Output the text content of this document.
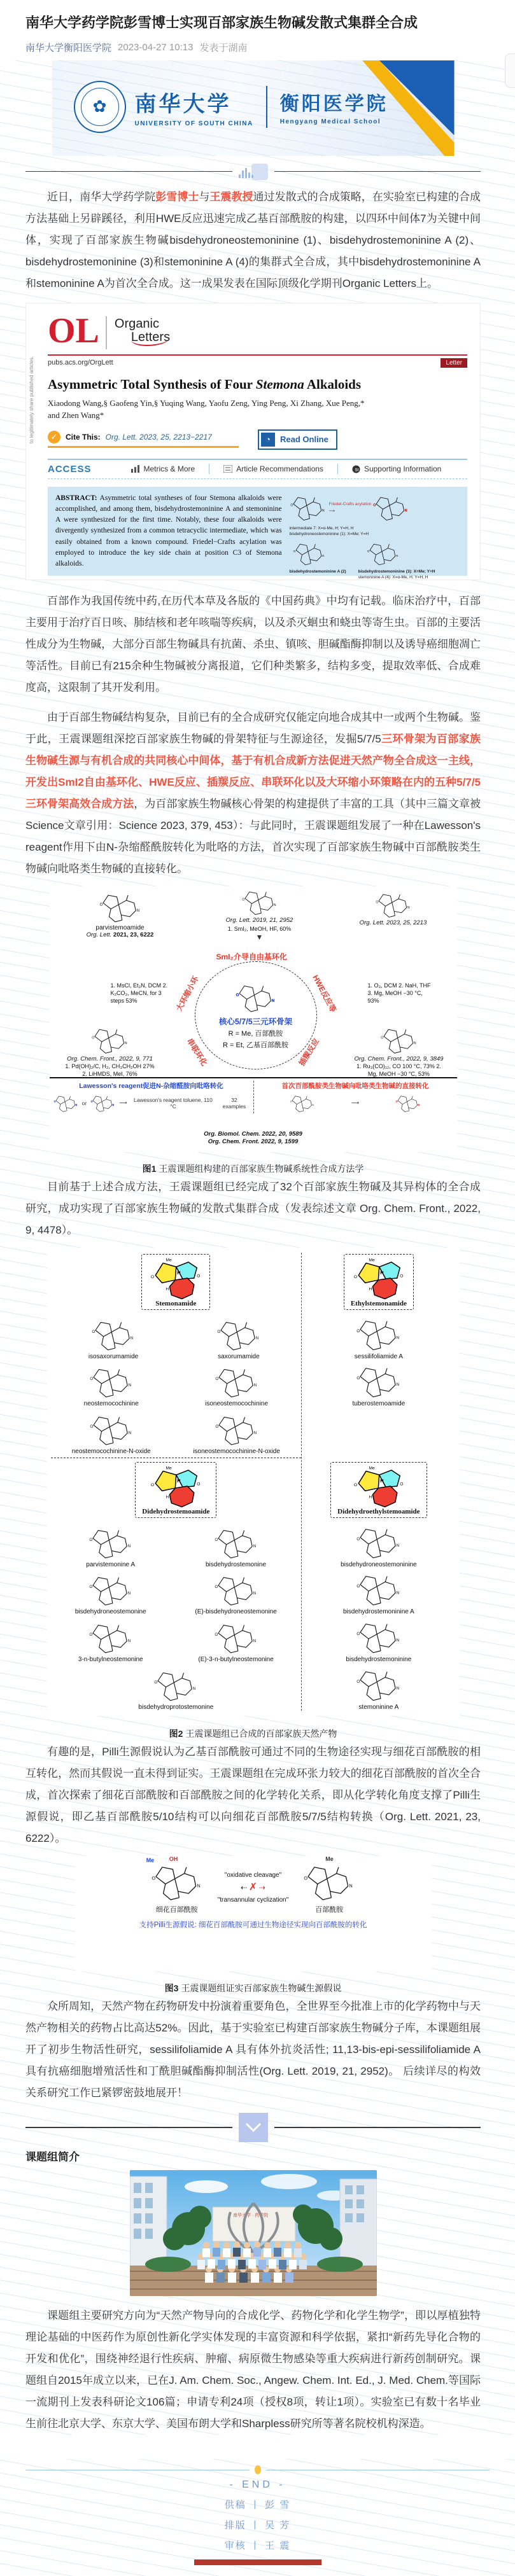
南华大学药学院彭雪博士实现百部家族生物碱发散式集群全合成
南华大学衡阳医学院 2023-04-27 10:13 发表于湖南
✿	南华大学
UNIVERSITY OF SOUTH CHINA
衡阳医学院
Hengyang Medical School

近日，南华大学药学院彭雪博士与王震教授通过发散式的合成策略，在实验室已构建的合成方法基础上另辟蹊径，利用HWE反应迅速完成乙基百部酰胺的构建，以四环中间体7为关键中间体，实现了百部家族生物碱bisdehydroneostemoninine (1)、bisdehydrostemoninine A (2)、bisdehydrostemoninine (3)和stemoninine A (4)的集群式全合成，其中bisdehydrostemoninine A 和stemoninine A为首次全合成。这一成果发表在国际顶级化学期刊Organic Letters上。

to legitimately share published articles.
OL Organic
Letters
pubs.acs.org/OrgLett	Letter
Asymmetric Total Synthesis of Four Stemona Alkaloids
Xiaodong Wang,§ Gaofeng Yin,§ Yuqing Wang, Yaofu Zeng, Ying Peng, Xi Zhang, Xue Peng,* and Zhen Wang*
✓	Cite This: Org. Lett. 2023, 25, 2213−2217	◔	Read Online
ACCESS	Metrics & More	Article Recommendations	sı Supporting Information
ABSTRACT: Asymmetric total syntheses of four Stemona alkaloids were accomplished, and among them, bisdehydrostemoninine A and stemoninine A were synthesized for the first time. Notably, these four alkaloids were divergently synthesized from a common tetracyclic intermediate, which was easily obtained from a known compound. Friedel−Crafts acylation was employed to introduce the key side chain at position C3 of Stemona alkaloids.
Friedel-Crafts acylation
⟶
intermediate 7: X=α-Me, H; Y=H, H
bisdehydroneostemoninine (1): X=Me; Y=H
bisdehydrostemoninine A (2)	bisdehydrostemoninine (3): X=Me; Y=H
stemoninine A (4): X=α-Me, H; Y=H, H

百部作为我国传统中药,在历代本草及各版的《中国药典》中均有记载。临床治疗中，百部主要用于治疗百日咳、肺结核和老年咳喘等疾病，以及杀灭蛔虫和蛲虫等寄生虫。百部的主要活性成分为生物碱，大部分百部生物碱具有抗菌、杀虫、镇咳、胆碱酯酶抑制以及诱导癌细胞凋亡等活性。目前已有215余种生物碱被分离报道，它们种类繁多，结构多变，提取效率低、合成难度高，这限制了其开发利用。

由于百部生物碱结构复杂，目前已有的全合成研究仅能定向地合成其中一或两个生物碱。鉴于此，王震课题组深挖百部家族生物碱的骨架特征与生源途径，发掘5/7/5三环骨架为百部家族生物碱生源与有机合成的共同核心中间体，基于有机合成新方法促进天然产物全合成这一主线，开发出SmI2自由基环化、HWE反应、插羰反应、串联环化以及大环缩小环策略在内的五种5/7/5三环骨架高效合成方法，为百部家族生物碱核心骨架的构建提供了丰富的工具（其中三篇文章被Science文章引用：Science 2023, 379, 453）：与此同时，王震课题组发展了一种在Lawesson's reagent作用下由N-杂缩醛酰胺转化为吡咯的方法，首次实现了百部家族生物碱中百部酰胺类生物碱向吡咯类生物碱的直接转化。

parvistemoamide
Org. Lett. 2021, 23, 6222
Org. Lett. 2019, 21, 2952
1. SmI₂, MeOH, HF, 60%
▼
Org. Lett. 2023, 25, 2213
1. MsCl, Et₃N, DCM 2. K₂CO₃, MeCN, for 3 steps 53%
1. O₃, DCM 2. NaH, THF 3. Mg, MeOH −30 °C, 93%
核心5/7/5三元环骨架
R = Me, 百部酰胺
R = Et, 乙基百部酰胺
SmI₂介导自由基环化
大环缩小环	HWE反应等
串联环化	插羰反应
Org. Chem. Front., 2022, 9, 771
1. Pd(OH)₂/C, H₂, CH₃CH₂OH 27% 2. LiHMDS, MeI, 76%
Org. Chem. Front., 2022, 9, 3849
1. Ru₃(CO)₁₂, CO 100 °C, 73% 2. Mg, MeOH −30 °C, 53%
Lawesson's reagent促进N-杂缩醛胺向吡咯转化
or	⟶	Lawesson's reagent toluene, 110 °C
32 examples
首次百部酰胺类生物碱向吡咯类生物碱的直接转化
⟶
Org. Biomol. Chem. 2022, 20, 9589
Org. Chem. Front. 2022, 9, 1599
图1 王震课题组构建的百部家族生物碱系统性合成方法学

目前基于上述合成方法，王震课题组已经完成了32个百部家族生物碱及其异构体的全合成研究，成功实现了百部家族生物碱的发散式集群合成（发表综述文章 Org. Chem. Front., 2022, 9, 4478）。

Stemonamide
isosaxorumamide	saxorumamide
neostemocochinine	isoneostemocochinine
neostemocochinine-N-oxide	isoneostemocochinine-N-oxide
Didehydrostemoamide
parvistemonine A	bisdehydrostemonine
bisdehydroneostemonine	(E)-bisdehydroneostemonine
3-n-butylneostemonine	(E)-3-n-butylneostemonine
bisdehydroprotostemonine
Ethylstemonamide
sessilifoliamide A
tuberostemoamide
Didehydroethylstemoamide
bisdehydroneostemoninine
bisdehydrostemoninine A
bisdehydrostemoninine
stemoninine A
图2 王震课题组已合成的百部家族天然产物

有趣的是，Pilli生源假说认为乙基百部酰胺可通过不同的生物途径实现与细花百部酰胺的相互转化，然而其假说一直未得到证实。王震课题组在完成环张力较大的细花百部酰胺的首次全合成，首次探索了细花百部酰胺和百部酰胺之间的化学转化关系，即从化学转化角度支撑了Pilli生源假说，即乙基百部酰胺5/10结构可以向细花百部酰胺5/7/5结构转换（Org. Lett. 2021, 23, 6222）。

Me	OH
细花百部酰胺
"oxidative cleavage"
⇠ ✗ ⇢
"transannular cyclization"
Me
百部酰胺
支持Pilli生源假说: 细花百部酰胺可通过生物途径实现向百部酰胺的转化
图3 王震课题组证实百部家族生物碱生源假说

众所周知，天然产物在药物研发中扮演着重要角色，全世界至今批准上市的化学药物中与天然产物相关的药物占比高达52%。因此，基于实验室已构建百部家族生物碱分子库，本课题组展开了初步生物活性研究，sessilifoliamide A 具有体外抗炎活性; 11,13-bis-epi-sessilifoliamide A 具有抗癌细胞增殖活性和丁酰胆碱酯酶抑制活性(Org. Lett. 2019, 21, 2952)。 后续详尽的构效关系研究工作已紧锣密鼓地展开！

课题组简介
南华大学 · 药学院

课题组主要研究方向为“天然产物导向的合成化学、药物化学和化学生物学”，即以厚植独特理论基础的中医药作为原创性新化学实体发现的丰富资源和科学依据，紧扣“新药先导化合物的开发和优化”，围绕神经退行性疾病、肿瘤、病原微生物感染等重大疾病进行新药创制研究。课题组自2015年成立以来，已在J. Am. Chem. Soc., Angew. Chem. Int. Ed., J. Med. Chem.等国际一流期刊上发表科研论文106篇；申请专利24项（授权8项，转让1项）。实验室已有数十名毕业生前往北京大学、东京大学、美国布朗大学和Sharpless研究所等著名院校机构深造。

- END -
供稿 丨 彭 雪
排版 丨 吴 芳
审核 丨 王 震
